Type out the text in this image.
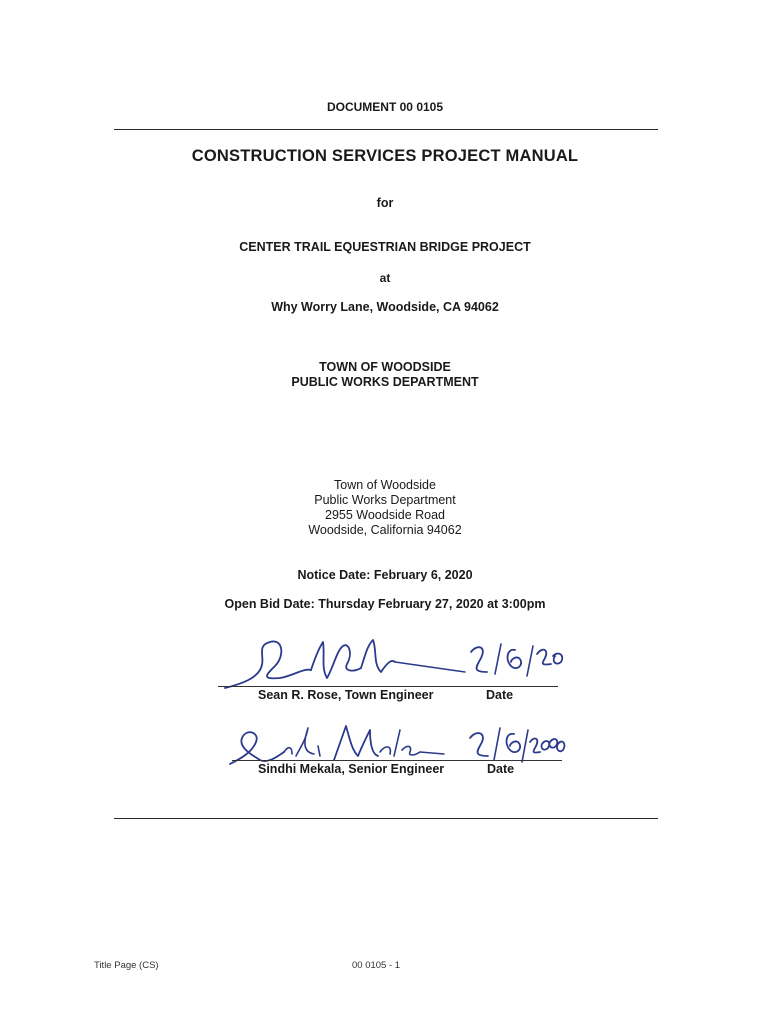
DOCUMENT 00 0105
CONSTRUCTION SERVICES PROJECT MANUAL
for
CENTER TRAIL EQUESTRIAN BRIDGE PROJECT
at
Why Worry Lane, Woodside, CA 94062
TOWN OF WOODSIDE
PUBLIC WORKS DEPARTMENT
Town of Woodside
Public Works Department
2955 Woodside Road
Woodside, California 94062
Notice Date: February 6, 2020
Open Bid Date: Thursday February 27, 2020 at 3:00pm
Sean R. Rose, Town Engineer	Date
Sindhi Mekala, Senior Engineer	Date
Title Page (CS)	00 0105 - 1
